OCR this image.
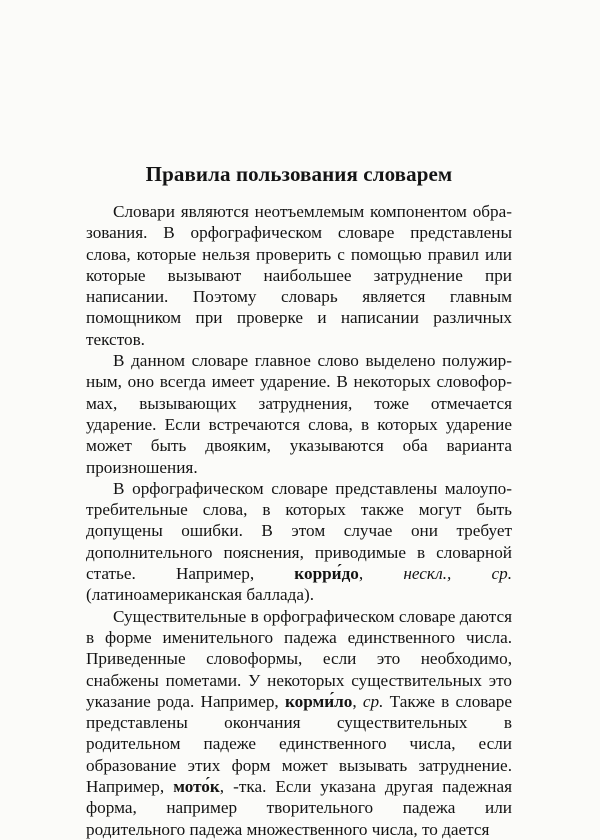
Правила пользования словарем

Словари являются неотъемлемым компонентом образования. В орфографическом словаре представлены слова, которые нельзя проверить с помощью правил или которые вызывают наибольшее затруднение при написании. Поэтому словарь является главным помощником при проверке и написании различных текстов.

В данном словаре главное слово выделено полужирным, оно всегда имеет ударение. В некоторых словоформах, вызывающих затруднения, тоже отмечается ударение. Если встречаются слова, в которых ударение может быть двояким, указываются оба варианта произношения.

В орфографическом словаре представлены малоупотребительные слова, в которых также могут быть допущены ошибки. В этом случае они требует дополнительного пояснения, приводимые в словарной статье. Например, корри́до, нескл., ср. (латиноамериканская баллада).

Существительные в орфографическом словаре даются в форме именительного падежа единственного числа. Приведенные словоформы, если это необходимо, снабжены пометами. У некоторых существительных это указание рода. Например, корми́ло, ср. Также в словаре представлены окончания существительных в родительном падеже единственного числа, если образование этих форм может вызывать затруднение. Например, мото́к, -тка. Если указана другая падежная форма, например творительного падежа или родительного падежа множественного числа, то дается
